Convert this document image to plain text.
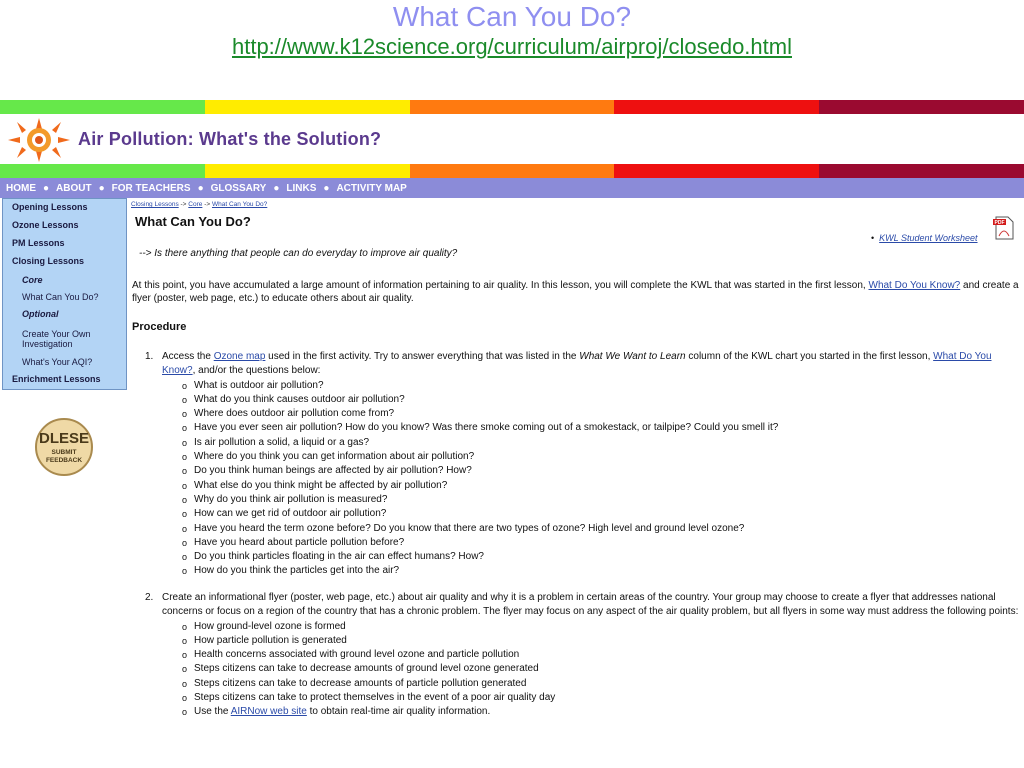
What Can You Do?
http://www.k12science.org/curriculum/airproj/closedo.html
Air Pollution: What's the Solution?
HOME ● ABOUT ● FOR TEACHERS ● GLOSSARY ● LINKS ● ACTIVITY MAP
Opening Lessons
Ozone Lessons
PM Lessons
Closing Lessons
Core
What Can You Do?
Optional
Create Your Own
Investigation
What's Your AQI?
Enrichment Lessons
DLESE
SUBMIT
FEEDBACK
Closing Lessons -> Core -> What Can You Do?
What Can You Do?
•  KWL Student Worksheet
PDF
--> Is there anything that people can do everyday to improve air quality?
At this point, you have accumulated a large amount of information pertaining to air quality. In this lesson, you will complete the KWL that was started in the first lesson, What Do You Know? and create a flyer (poster, web page, etc.) to educate others about air quality.
Procedure
1. Access the Ozone map used in the first activity. Try to answer everything that was listed in the What We Want to Learn column of the KWL chart you started in the first lesson, What Do You Know?, and/or the questions below:
o What is outdoor air pollution?
o What do you think causes outdoor air pollution?
o Where does outdoor air pollution come from?
o Have you ever seen air pollution? How do you know? Was there smoke coming out of a smokestack, or tailpipe? Could you smell it?
o Is air pollution a solid, a liquid or a gas?
o Where do you think you can get information about air pollution?
o Do you think human beings are affected by air pollution? How?
o What else do you think might be affected by air pollution?
o Why do you think air pollution is measured?
o How can we get rid of outdoor air pollution?
o Have you heard the term ozone before? Do you know that there are two types of ozone? High level and ground level ozone?
o Have you heard about particle pollution before?
o Do you think particles floating in the air can effect humans? How?
o How do you think the particles get into the air?
2. Create an informational flyer (poster, web page, etc.) about air quality and why it is a problem in certain areas of the country. Your group may choose to create a flyer that addresses national concerns or focus on a region of the country that has a chronic problem. The flyer may focus on any aspect of the air quality problem, but all flyers in some way must address the following points:
o How ground-level ozone is formed
o How particle pollution is generated
o Health concerns associated with ground level ozone and particle pollution
o Steps citizens can take to decrease amounts of ground level ozone generated
o Steps citizens can take to decrease amounts of particle pollution generated
o Steps citizens can take to protect themselves in the event of a poor air quality day
o Use the AIRNow web site to obtain real-time air quality information.
